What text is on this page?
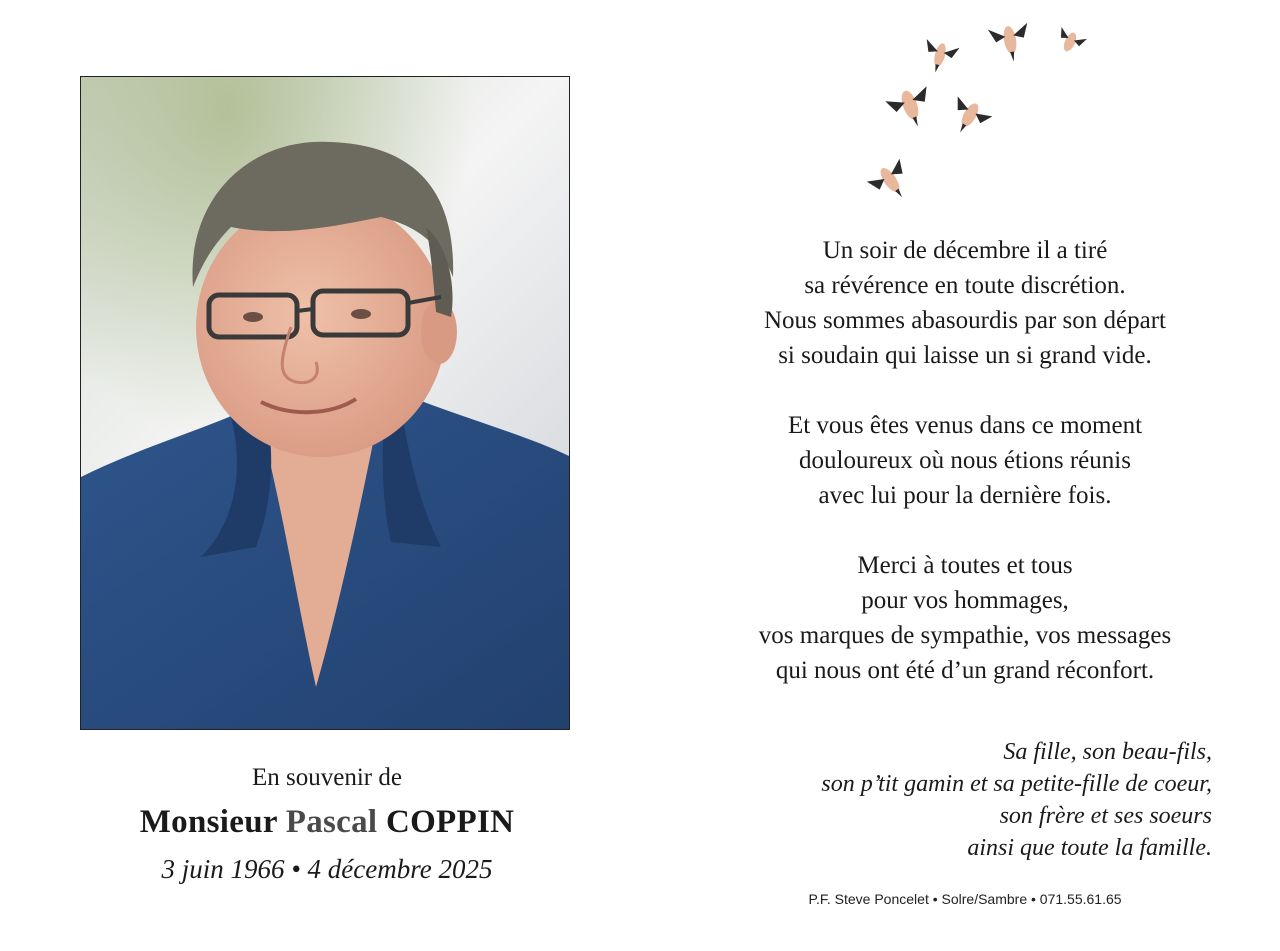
En souvenir de
Monsieur Pascal COPPIN
3 juin 1966 • 4 décembre 2025
Un soir de décembre il a tiré
sa révérence en toute discrétion.
Nous sommes abasourdis par son départ
si soudain qui laisse un si grand vide.
Et vous êtes venus dans ce moment
douloureux où nous étions réunis
avec lui pour la dernière fois.
Merci à toutes et tous
pour vos hommages,
vos marques de sympathie, vos messages
qui nous ont été d’un grand réconfort.
Sa fille, son beau-fils,
son p’tit gamin et sa petite-fille de coeur,
son frère et ses soeurs
ainsi que toute la famille.
P.F. Steve Poncelet • Solre/Sambre • 071.55.61.65
